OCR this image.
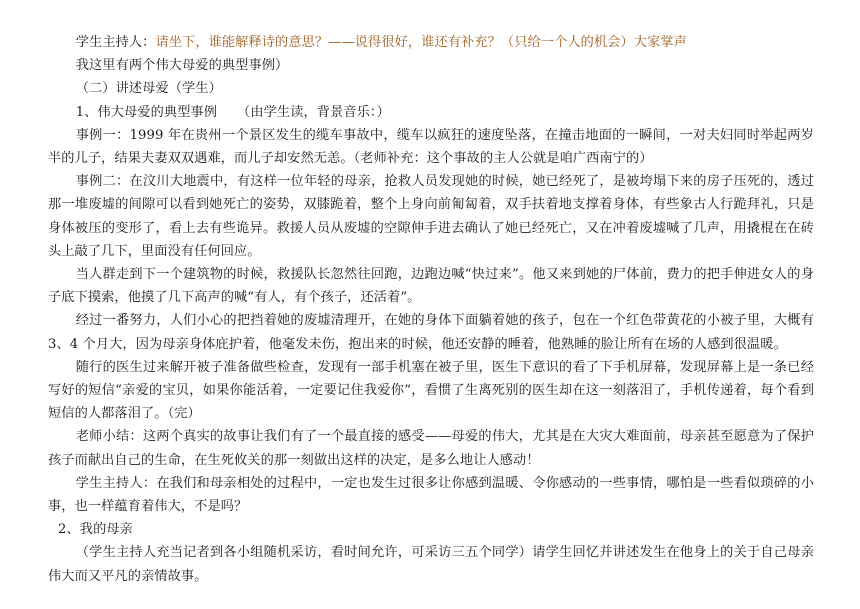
学生主持人：请坐下，谁能解释诗的意思？——说得很好，谁还有补充？（只给一个人的机会）大家掌声

我这里有两个伟大母爱的典型事例）

（二）讲述母爱（学生）

1、伟大母爱的典型事例　　（由学生读，背景音乐：）

事例一：1999 年在贵州一个景区发生的缆车事故中，缆车以疯狂的速度坠落，在撞击地面的一瞬间，一对夫妇同时举起两岁半的儿子，结果夫妻双双遇难，而儿子却安然无恙。（老师补充：这个事故的主人公就是咱广西南宁的）

事例二：在汶川大地震中，有这样一位年轻的母亲，抢救人员发现她的时候，她已经死了，是被垮塌下来的房子压死的，透过那一堆废墟的间隙可以看到她死亡的姿势，双膝跪着，整个上身向前匍匐着，双手扶着地支撑着身体，有些象古人行跪拜礼，只是身体被压的变形了，看上去有些诡异。救援人员从废墟的空隙伸手进去确认了她已经死亡，又在冲着废墟喊了几声，用撬棍在在砖头上敲了几下，里面没有任何回应。

当人群走到下一个建筑物的时候，救援队长忽然往回跑，边跑边喊“快过来”。他又来到她的尸体前，费力的把手伸进女人的身子底下摸索，他摸了几下高声的喊“有人，有个孩子，还活着”。

经过一番努力，人们小心的把挡着她的废墟清理开，在她的身体下面躺着她的孩子，包在一个红色带黄花的小被子里，大概有 3、4 个月大，因为母亲身体庇护着，他毫发未伤，抱出来的时候，他还安静的睡着，他熟睡的脸让所有在场的人感到很温暖。

随行的医生过来解开被子准备做些检查，发现有一部手机塞在被子里，医生下意识的看了下手机屏幕，发现屏幕上是一条已经写好的短信“亲爱的宝贝，如果你能活着，一定要记住我爱你”，看惯了生离死别的医生却在这一刻落泪了，手机传递着，每个看到短信的人都落泪了。（完）

老师小结：这两个真实的故事让我们有了一个最直接的感受——母爱的伟大，尤其是在大灾大难面前，母亲甚至愿意为了保护孩子而献出自己的生命，在生死攸关的那一刻做出这样的决定，是多么地让人感动！

学生主持人：在我们和母亲相处的过程中，一定也发生过很多让你感到温暖、令你感动的一些事情，哪怕是一些看似琐碎的小事，也一样蕴育着伟大，不是吗？

2、我的母亲

（学生主持人充当记者到各小组随机采访，看时间允许，可采访三五个同学）请学生回忆并讲述发生在他身上的关于自己母亲伟大而又平凡的亲情故事。
